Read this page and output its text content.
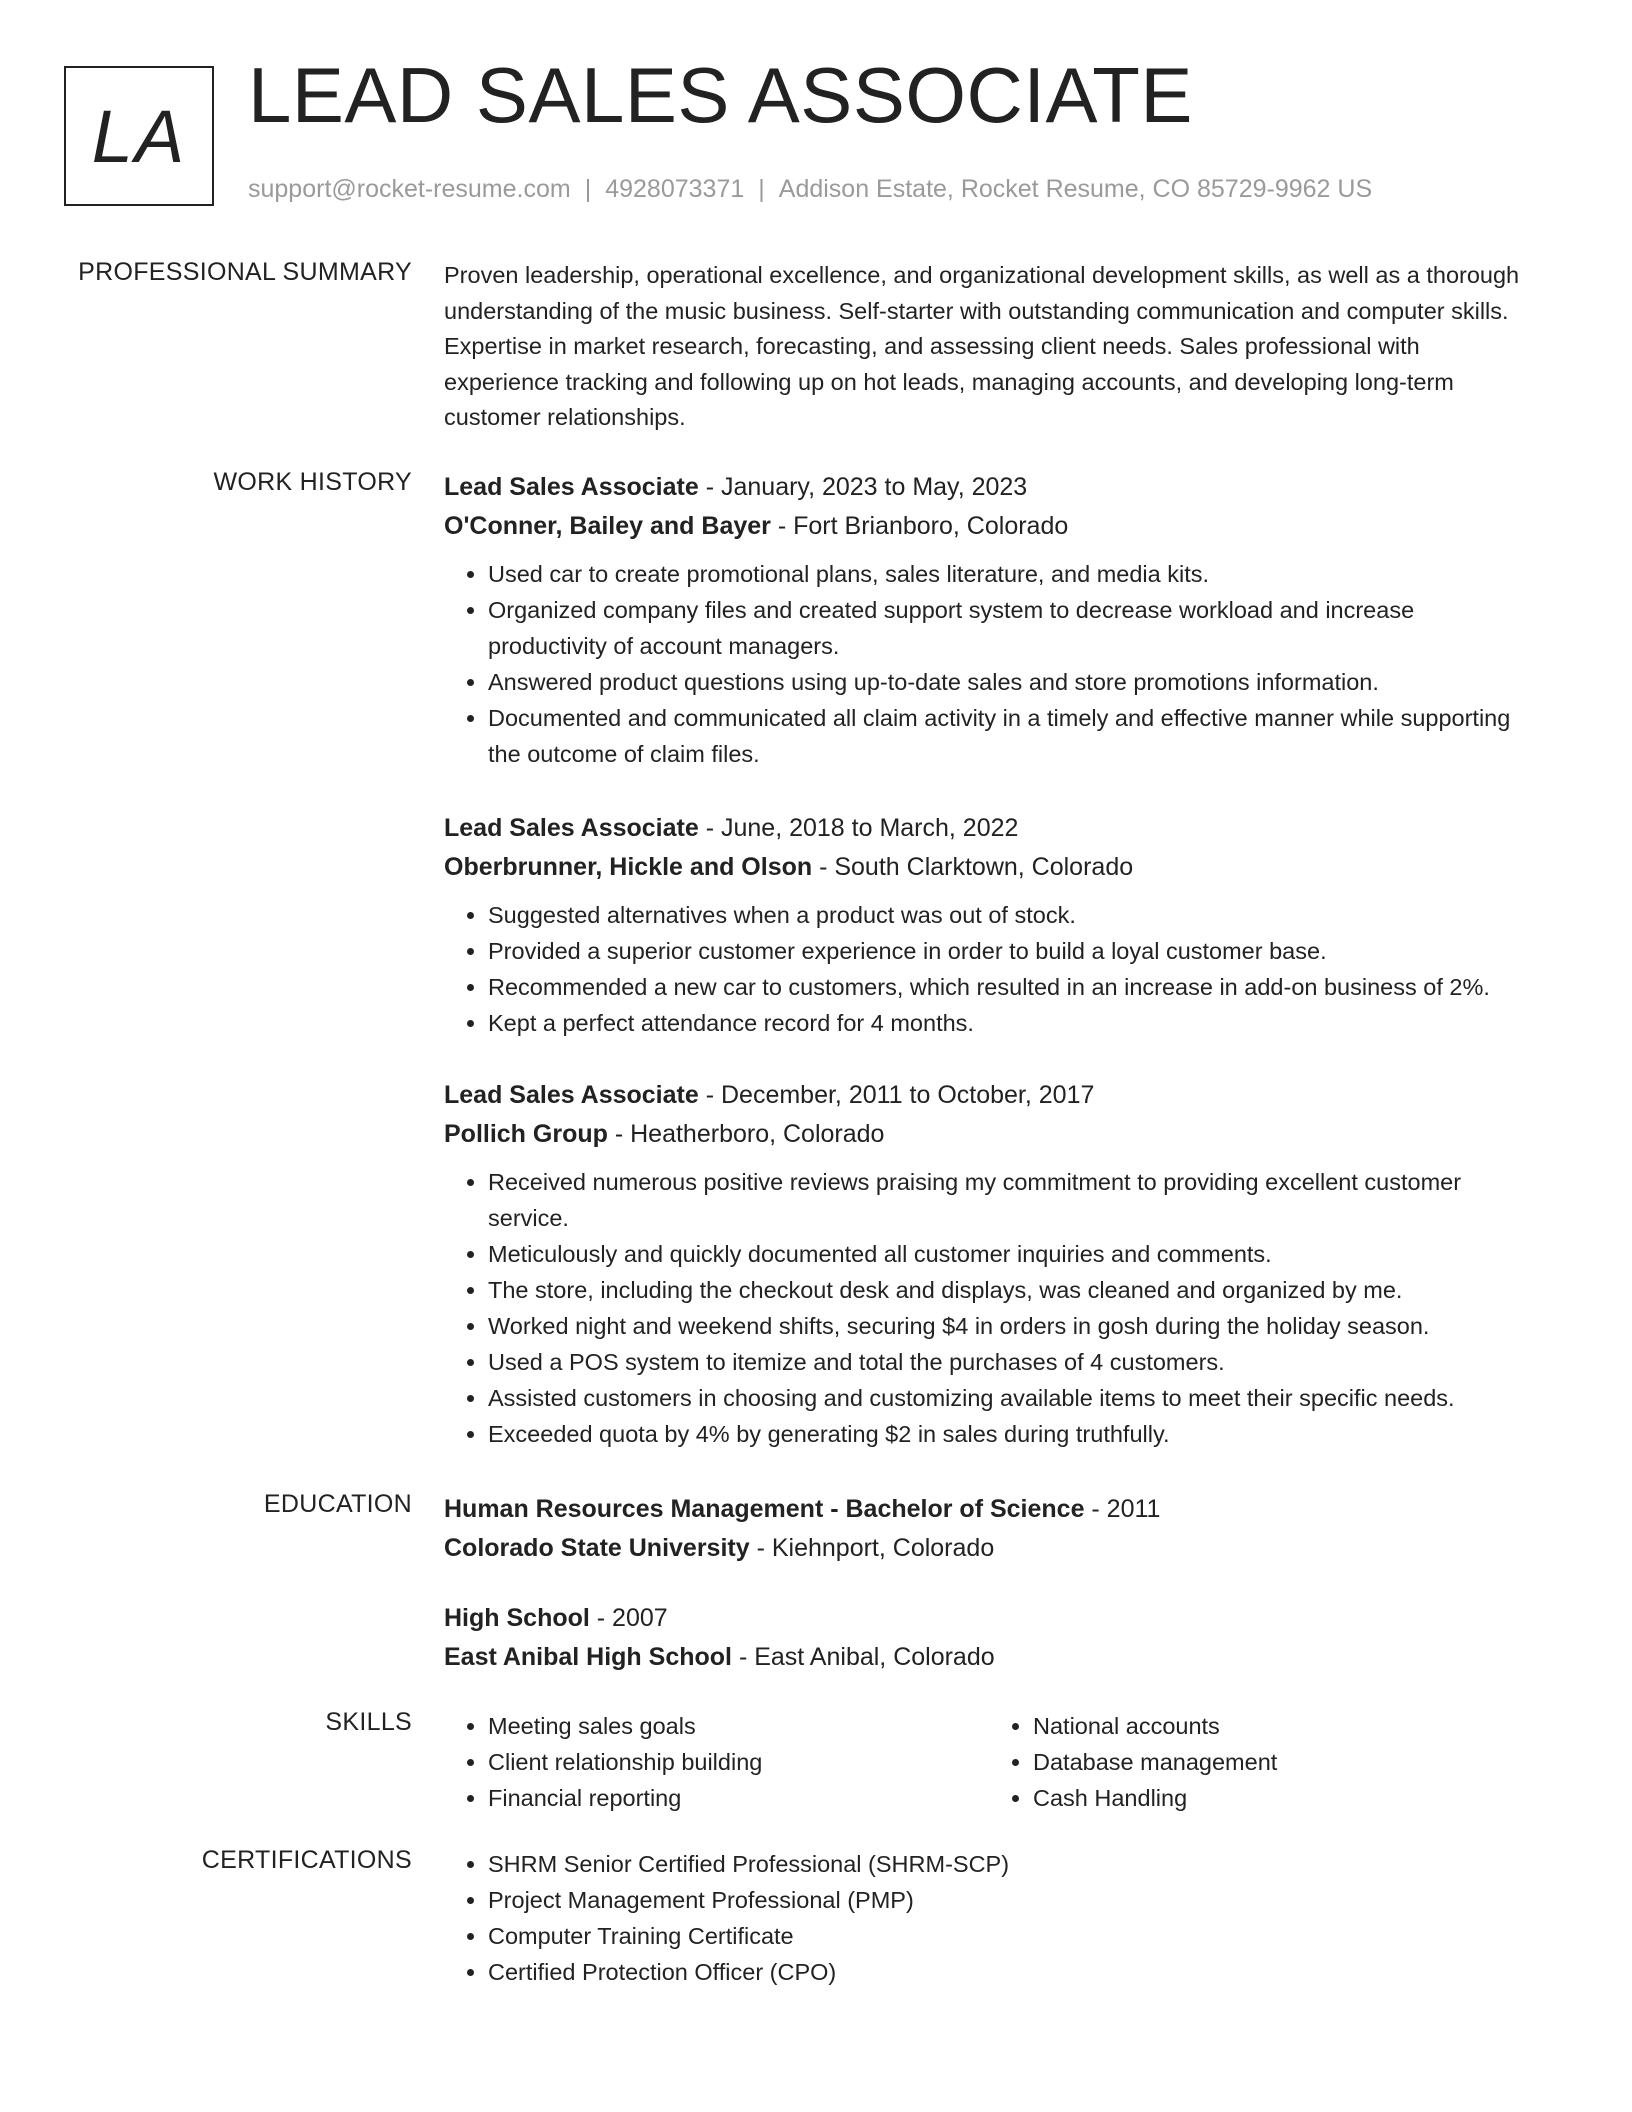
LA LEAD SALES ASSOCIATE
support@rocket-resume.com | 4928073371 | Addison Estate, Rocket Resume, CO 85729-9962 US
PROFESSIONAL SUMMARY Proven leadership, operational excellence, and organizational development skills, as well as a thorough understanding of the music business. Self-starter with outstanding communication and computer skills. Expertise in market research, forecasting, and assessing client needs. Sales professional with experience tracking and following up on hot leads, managing accounts, and developing long-term customer relationships.

WORK HISTORY Lead Sales Associate - January, 2023 to May, 2023
O'Conner, Bailey and Bayer - Fort Brianboro, Colorado
• Used car to create promotional plans, sales literature, and media kits.
• Organized company files and created support system to decrease workload and increase productivity of account managers.
• Answered product questions using up-to-date sales and store promotions information.
• Documented and communicated all claim activity in a timely and effective manner while supporting the outcome of claim files.
Lead Sales Associate - June, 2018 to March, 2022
Oberbrunner, Hickle and Olson - South Clarktown, Colorado
• Suggested alternatives when a product was out of stock.
• Provided a superior customer experience in order to build a loyal customer base.
• Recommended a new car to customers, which resulted in an increase in add-on business of 2%.
• Kept a perfect attendance record for 4 months.
Lead Sales Associate - December, 2011 to October, 2017
Pollich Group - Heatherboro, Colorado
• Received numerous positive reviews praising my commitment to providing excellent customer service.
• Meticulously and quickly documented all customer inquiries and comments.
• The store, including the checkout desk and displays, was cleaned and organized by me.
• Worked night and weekend shifts, securing $4 in orders in gosh during the holiday season.
• Used a POS system to itemize and total the purchases of 4 customers.
• Assisted customers in choosing and customizing available items to meet their specific needs.
• Exceeded quota by 4% by generating $2 in sales during truthfully.
EDUCATION Human Resources Management - Bachelor of Science - 2011
Colorado State University - Kiehnport, Colorado
High School - 2007
East Anibal High School - East Anibal, Colorado
SKILLS	• Meeting sales goals
• Client relationship building
• Financial reporting
• National accounts
• Database management
• Cash Handling
CERTIFICATIONS	• SHRM Senior Certified Professional (SHRM-SCP)
• Project Management Professional (PMP)
• Computer Training Certificate
• Certified Protection Officer (CPO)
